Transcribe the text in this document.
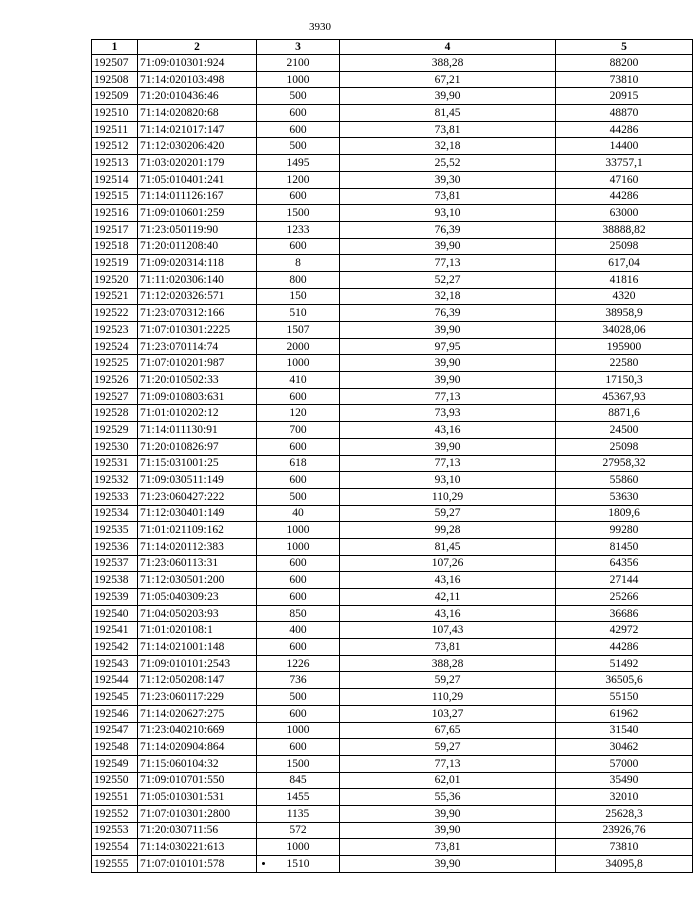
3930
1	2	3	4	5
192507	71:09:010301:924	2100	388,28	88200
192508	71:14:020103:498	1000	67,21	73810
192509	71:20:010436:46	500	39,90	20915
192510	71:14:020820:68	600	81,45	48870
192511	71:14:021017:147	600	73,81	44286
192512	71:12:030206:420	500	32,18	14400
192513	71:03:020201:179	1495	25,52	33757,1
192514	71:05:010401:241	1200	39,30	47160
192515	71:14:011126:167	600	73,81	44286
192516	71:09:010601:259	1500	93,10	63000
192517	71:23:050119:90	1233	76,39	38888,82
192518	71:20:011208:40	600	39,90	25098
192519	71:09:020314:118	8	77,13	617,04
192520	71:11:020306:140	800	52,27	41816
192521	71:12:020326:571	150	32,18	4320
192522	71:23:070312:166	510	76,39	38958,9
192523	71:07:010301:2225	1507	39,90	34028,06
192524	71:23:070114:74	2000	97,95	195900
192525	71:07:010201:987	1000	39,90	22580
192526	71:20:010502:33	410	39,90	17150,3
192527	71:09:010803:631	600	77,13	45367,93
192528	71:01:010202:12	120	73,93	8871,6
192529	71:14:011130:91	700	43,16	24500
192530	71:20:010826:97	600	39,90	25098
192531	71:15:031001:25	618	77,13	27958,32
192532	71:09:030511:149	600	93,10	55860
192533	71:23:060427:222	500	110,29	53630
192534	71:12:030401:149	40	59,27	1809,6
192535	71:01:021109:162	1000	99,28	99280
192536	71:14:020112:383	1000	81,45	81450
192537	71:23:060113:31	600	107,26	64356
192538	71:12:030501:200	600	43,16	27144
192539	71:05:040309:23	600	42,11	25266
192540	71:04:050203:93	850	43,16	36686
192541	71:01:020108:1	400	107,43	42972
192542	71:14:021001:148	600	73,81	44286
192543	71:09:010101:2543	1226	388,28	51492
192544	71:12:050208:147	736	59,27	36505,6
192545	71:23:060117:229	500	110,29	55150
192546	71:14:020627:275	600	103,27	61962
192547	71:23:040210:669	1000	67,65	31540
192548	71:14:020904:864	600	59,27	30462
192549	71:15:060104:32	1500	77,13	57000
192550	71:09:010701:550	845	62,01	35490
192551	71:05:010301:531	1455	55,36	32010
192552	71:07:010301:2800	1135	39,90	25628,3
192553	71:20:030711:56	572	39,90	23926,76
192554	71:14:030221:613	1000	73,81	73810
192555	71:07:010101:578	1510	39,90	34095,8
